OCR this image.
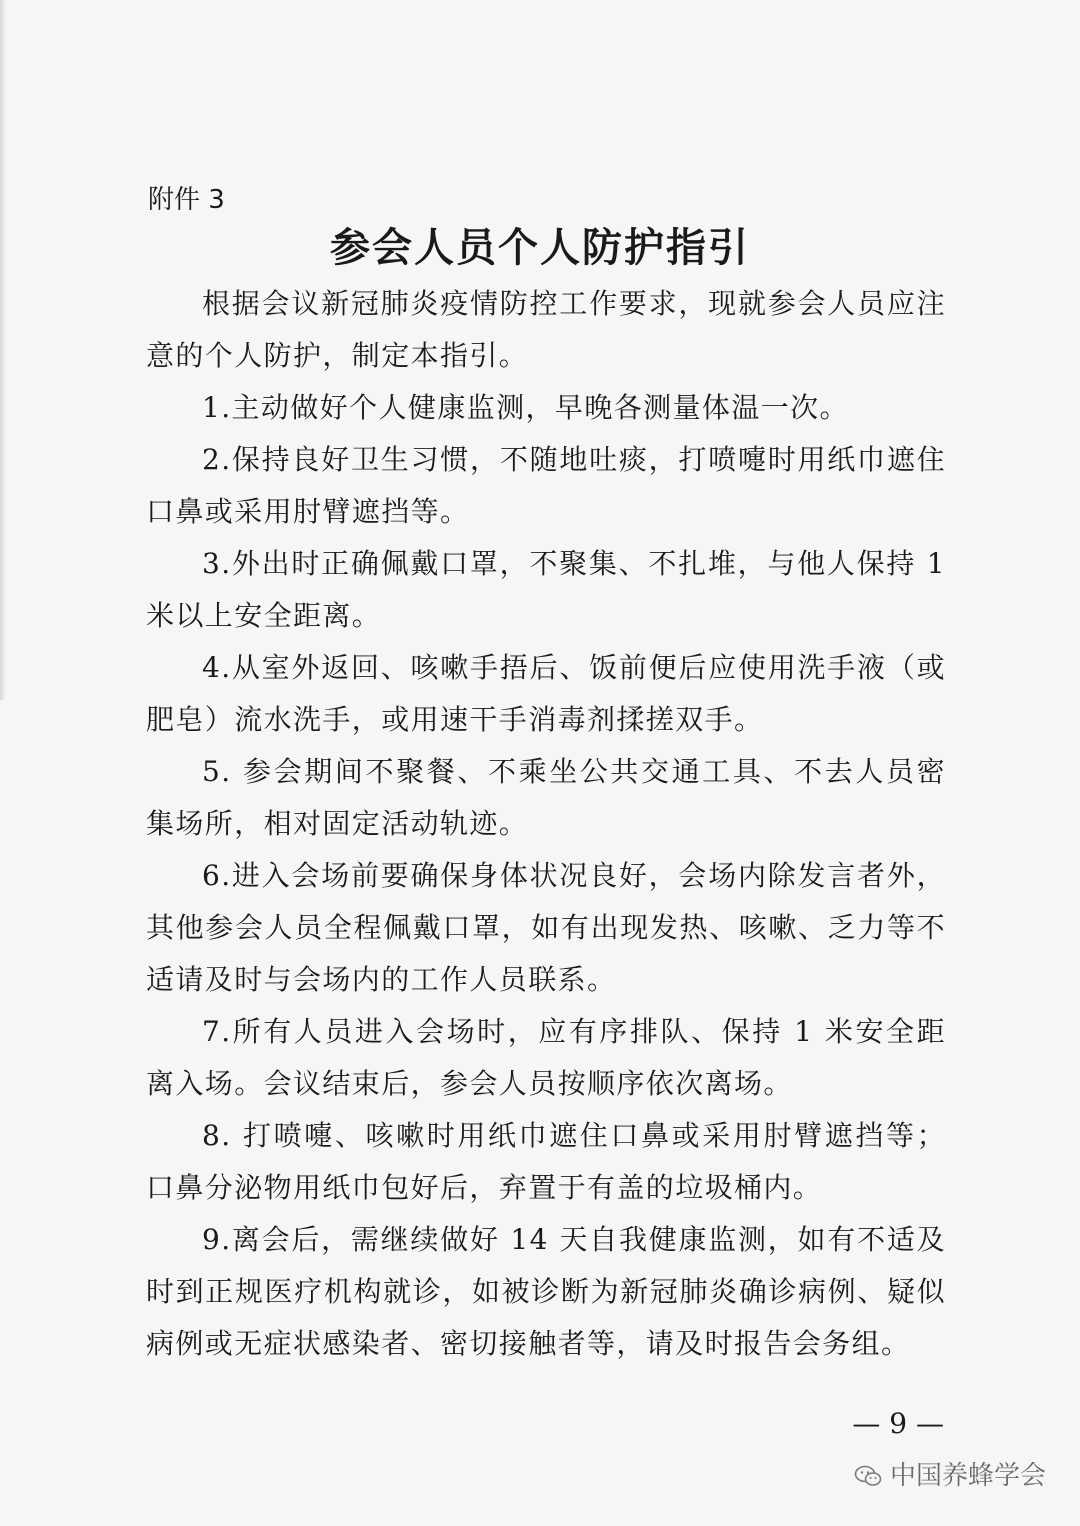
附件 3
参会人员个人防护指引

根据会议新冠肺炎疫情防控工作要求，现就参会人员应注意的个人防护，制定本指引。

1.主动做好个人健康监测，早晚各测量体温一次。

2.保持良好卫生习惯，不随地吐痰，打喷嚏时用纸巾遮住口鼻或采用肘臂遮挡等。

3.外出时正确佩戴口罩，不聚集、不扎堆，与他人保持 1 米以上安全距离。

4.从室外返回、咳嗽手捂后、饭前便后应使用洗手液（或肥皂）流水洗手，或用速干手消毒剂揉搓双手。

5. 参会期间不聚餐、不乘坐公共交通工具、不去人员密集场所，相对固定活动轨迹。

6.进入会场前要确保身体状况良好，会场内除发言者外，其他参会人员全程佩戴口罩，如有出现发热、咳嗽、乏力等不适请及时与会场内的工作人员联系。

7.所有人员进入会场时，应有序排队、保持 1 米安全距离入场。会议结束后，参会人员按顺序依次离场。

8. 打喷嚏、咳嗽时用纸巾遮住口鼻或采用肘臂遮挡等；口鼻分泌物用纸巾包好后，弃置于有盖的垃圾桶内。

9.离会后，需继续做好 14 天自我健康监测，如有不适及时到正规医疗机构就诊，如被诊断为新冠肺炎确诊病例、疑似病例或无症状感染者、密切接触者等，请及时报告会务组。

— 9 —
中国养蜂学会
